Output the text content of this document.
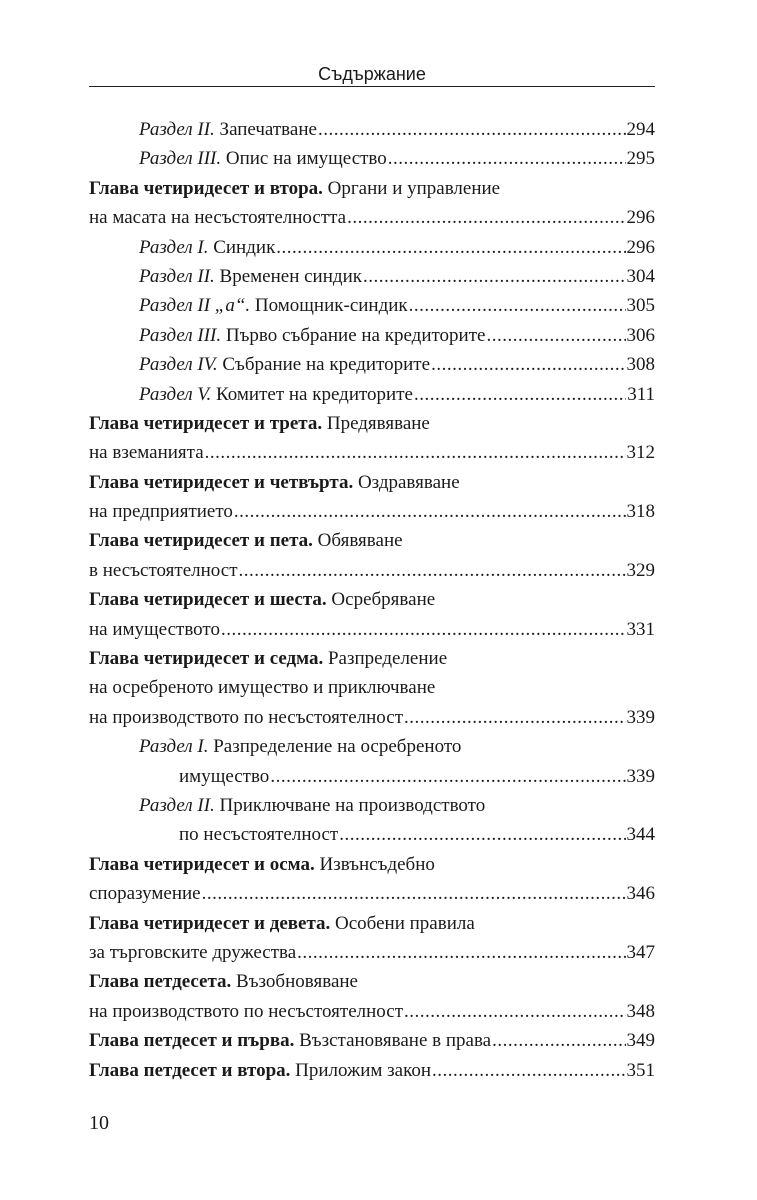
Съдържание
Раздел II. Запечатване .....	294
Раздел III. Опис на имущество .....	295
Глава четиридесет и втора. Органи и управление
на масата на несъстоятелността .....	296
Раздел I. Синдик .....	296
Раздел II. Временен синдик .....	304
Раздел II „а“. Помощник-синдик .....	305
Раздел III. Първо събрание на кредиторите .....	306
Раздел IV. Събрание на кредиторите .....	308
Раздел V. Комитет на кредиторите .....	311
Глава четиридесет и трета. Предявяване
на вземанията .....	312
Глава четиридесет и четвърта. Оздравяване
на предприятието .....	318
Глава четиридесет и пета. Обявяване
в несъстоятелност .....	329
Глава четиридесет и шеста. Осребряване
на имуществото .....	331
Глава четиридесет и седма. Разпределение
на осребреното имущество и приключване
на производството по несъстоятелност .....	339
Раздел I. Разпределение на осребреното
имущество .....	339
Раздел II. Приключване на производството
по несъстоятелност .....	344
Глава четиридесет и осма. Извънсъдебно
споразумение .....	346
Глава четиридесет и девета. Особени правила
за търговските дружества .....	347
Глава петдесета. Възобновяване
на производството по несъстоятелност .....	348
Глава петдесет и първа. Възстановяване в права .....	349
Глава петдесет и втора. Приложим закон .....	351
10
